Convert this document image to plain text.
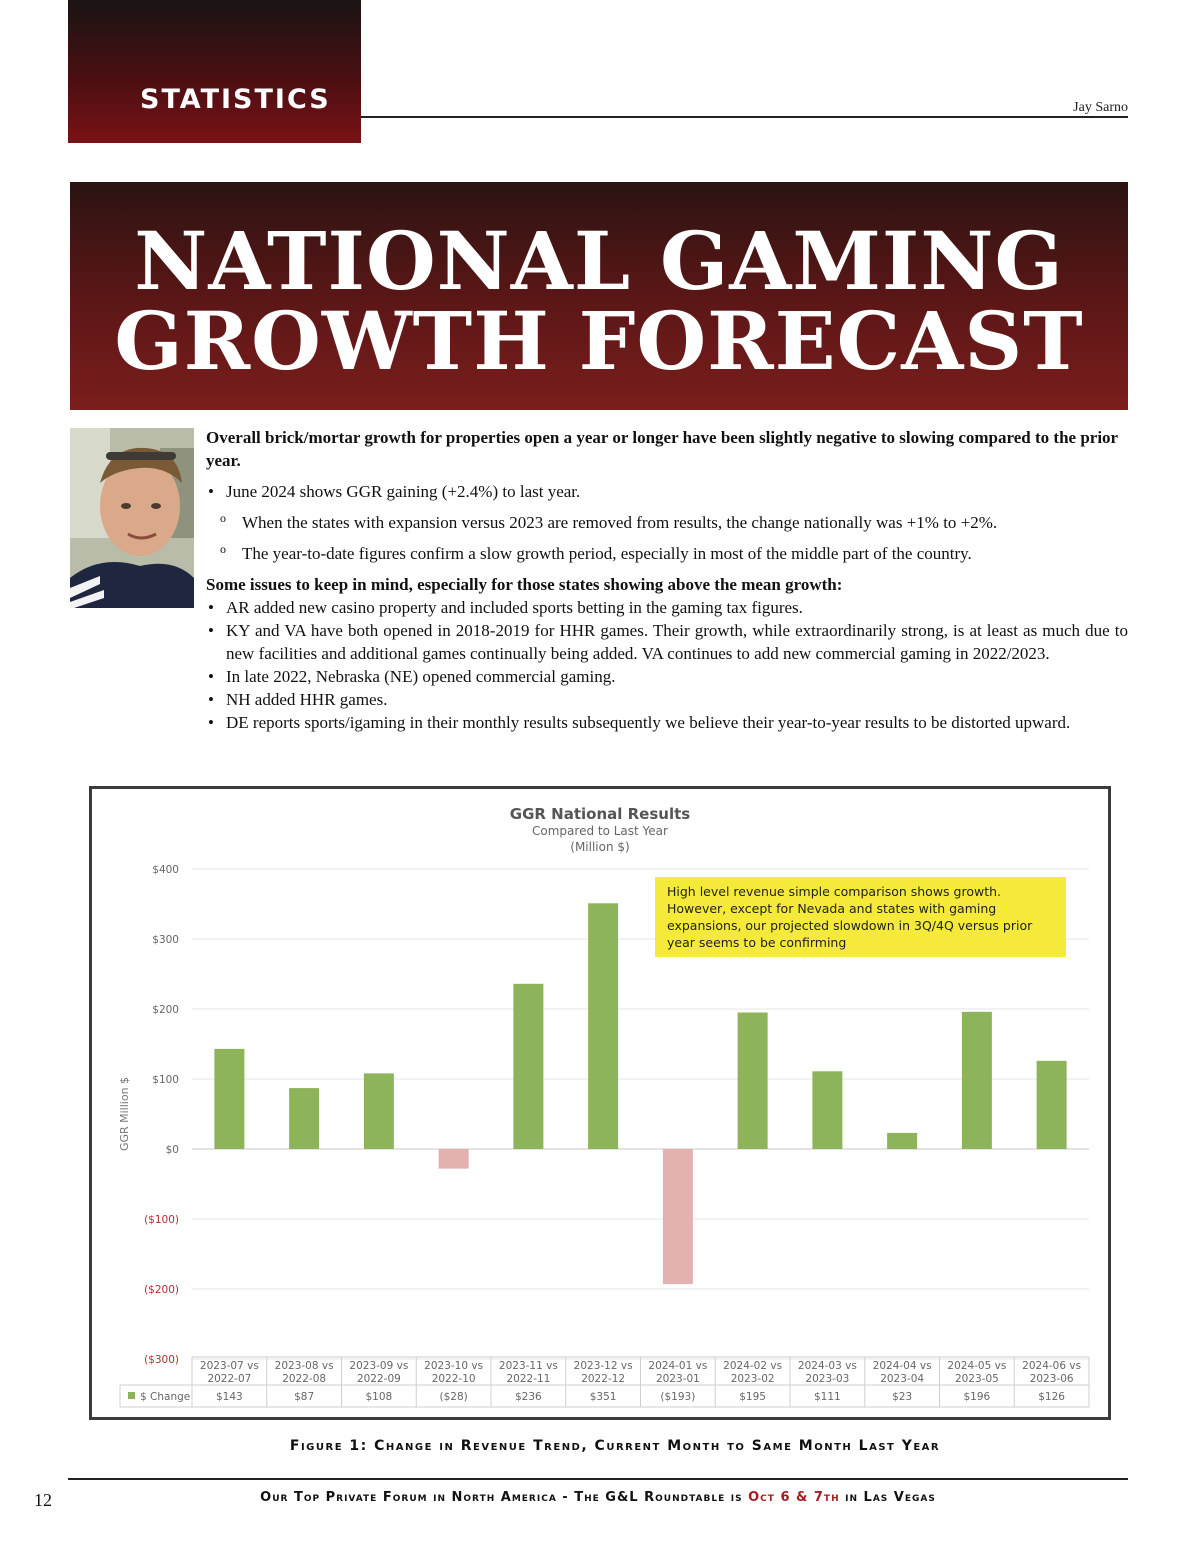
STATISTICS	Jay Sarno
NATIONAL GAMING
GROWTH FORECAST

Overall brick/mortar growth for properties open a year or longer have been slightly negative to slowing compared to the prior year.

• June 2024 shows GGR gaining (+2.4%) to last year.

o When the states with expansion versus 2023 are removed from results, the change nationally was +1% to +2%.

o The year-to-date figures confirm a slow growth period, especially in most of the middle part of the country.

Some issues to keep in mind, especially for those states showing above the mean growth:

• AR added new casino property and included sports betting in the gaming tax figures.

• KY and VA have both opened in 2018-2019 for HHR games. Their growth, while extraordinarily strong, is at least as much due to new facilities and additional games continually being added. VA continues to add new commercial gaming in 2022/2023.

• In late 2022, Nebraska (NE) opened commercial gaming.

• NH added HHR games.

• DE reports sports/igaming in their monthly results subsequently we believe their year-to-year results to be distorted upward.

GGR National Results
Compared to Last Year
(Million $)
GGR Million $
$400
$300
$200
$100
$0
($100)
($200)
($300) 2023-07 vs
2022-07
$143
2023-08 vs
2022-08
$87
2023-09 vs
2022-09
$108
2023-10 vs
2022-10
($28)
2023-11 vs
2022-11
$236
2023-12 vs
2022-12
$351
2024-01 vs
2023-01
($193)
2024-02 vs
2023-02
$195
2024-03 vs
2023-03
$111
2024-04 vs
2023-04
$23
2024-05 vs
2023-05
$196
2024-06 vs
2023-06
$126
$ Change
High level revenue simple comparison shows growth. However, except for Nevada and states with gaming expansions, our projected slowdown in 3Q/4Q versus prior year seems to be confirming
Figure 1: Change in Revenue Trend, Current Month to Same Month Last Year
12	Our Top Private Forum in North America - The G&L Roundtable is Oct 6 & 7th in Las Vegas
